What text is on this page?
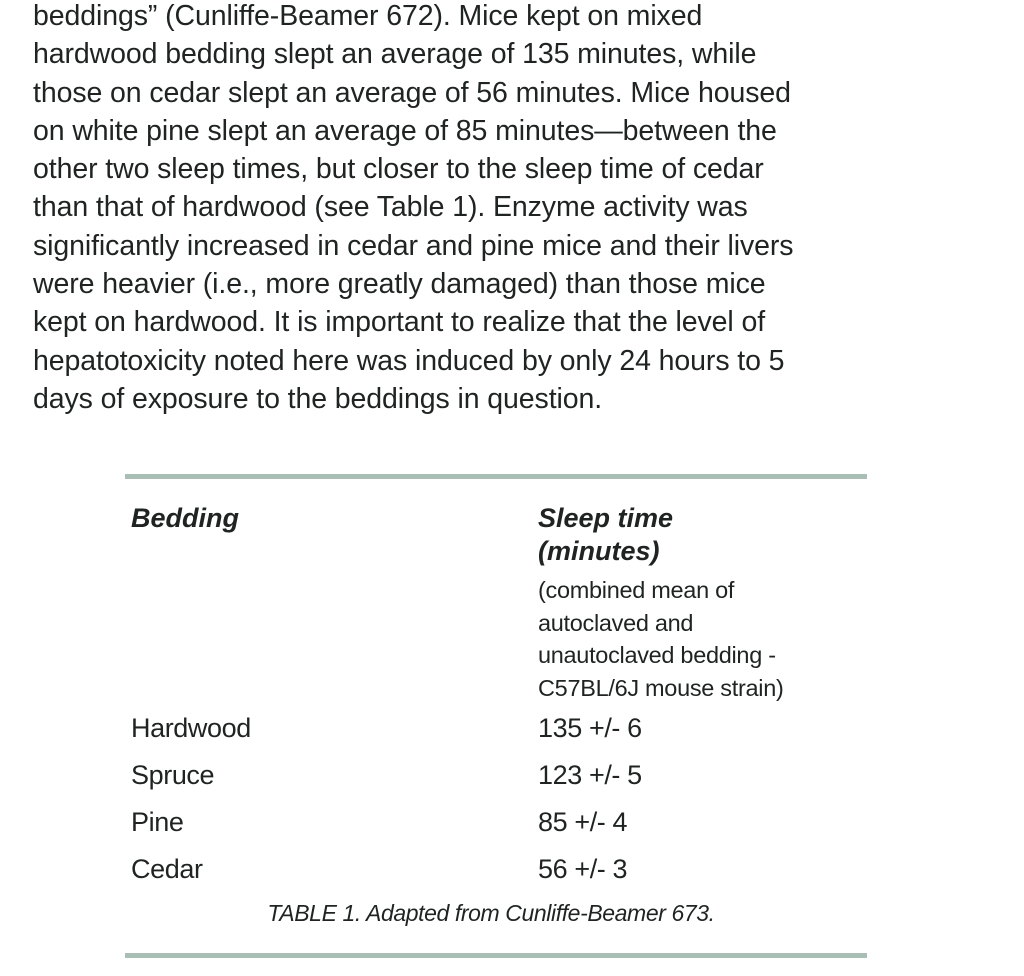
beddings” (Cunliffe-Beamer 672). Mice kept on mixed
hardwood bedding slept an average of 135 minutes, while
those on cedar slept an average of 56 minutes. Mice housed
on white pine slept an average of 85 minutes—between the
other two sleep times, but closer to the sleep time of cedar
than that of hardwood (see Table 1). Enzyme activity was
significantly increased in cedar and pine mice and their livers
were heavier (i.e., more greatly damaged) than those mice
kept on hardwood. It is important to realize that the level of
hepatotoxicity noted here was induced by only 24 hours to 5
days of exposure to the beddings in question.
Bedding	Sleep time
(minutes)
(combined mean of
autoclaved and
unautoclaved bedding -
C57BL/6J mouse strain)
Hardwood	135 +/- 6
Spruce	123 +/- 5
Pine	85 +/- 4
Cedar	56 +/- 3
TABLE 1. Adapted from Cunliffe-Beamer 673.
